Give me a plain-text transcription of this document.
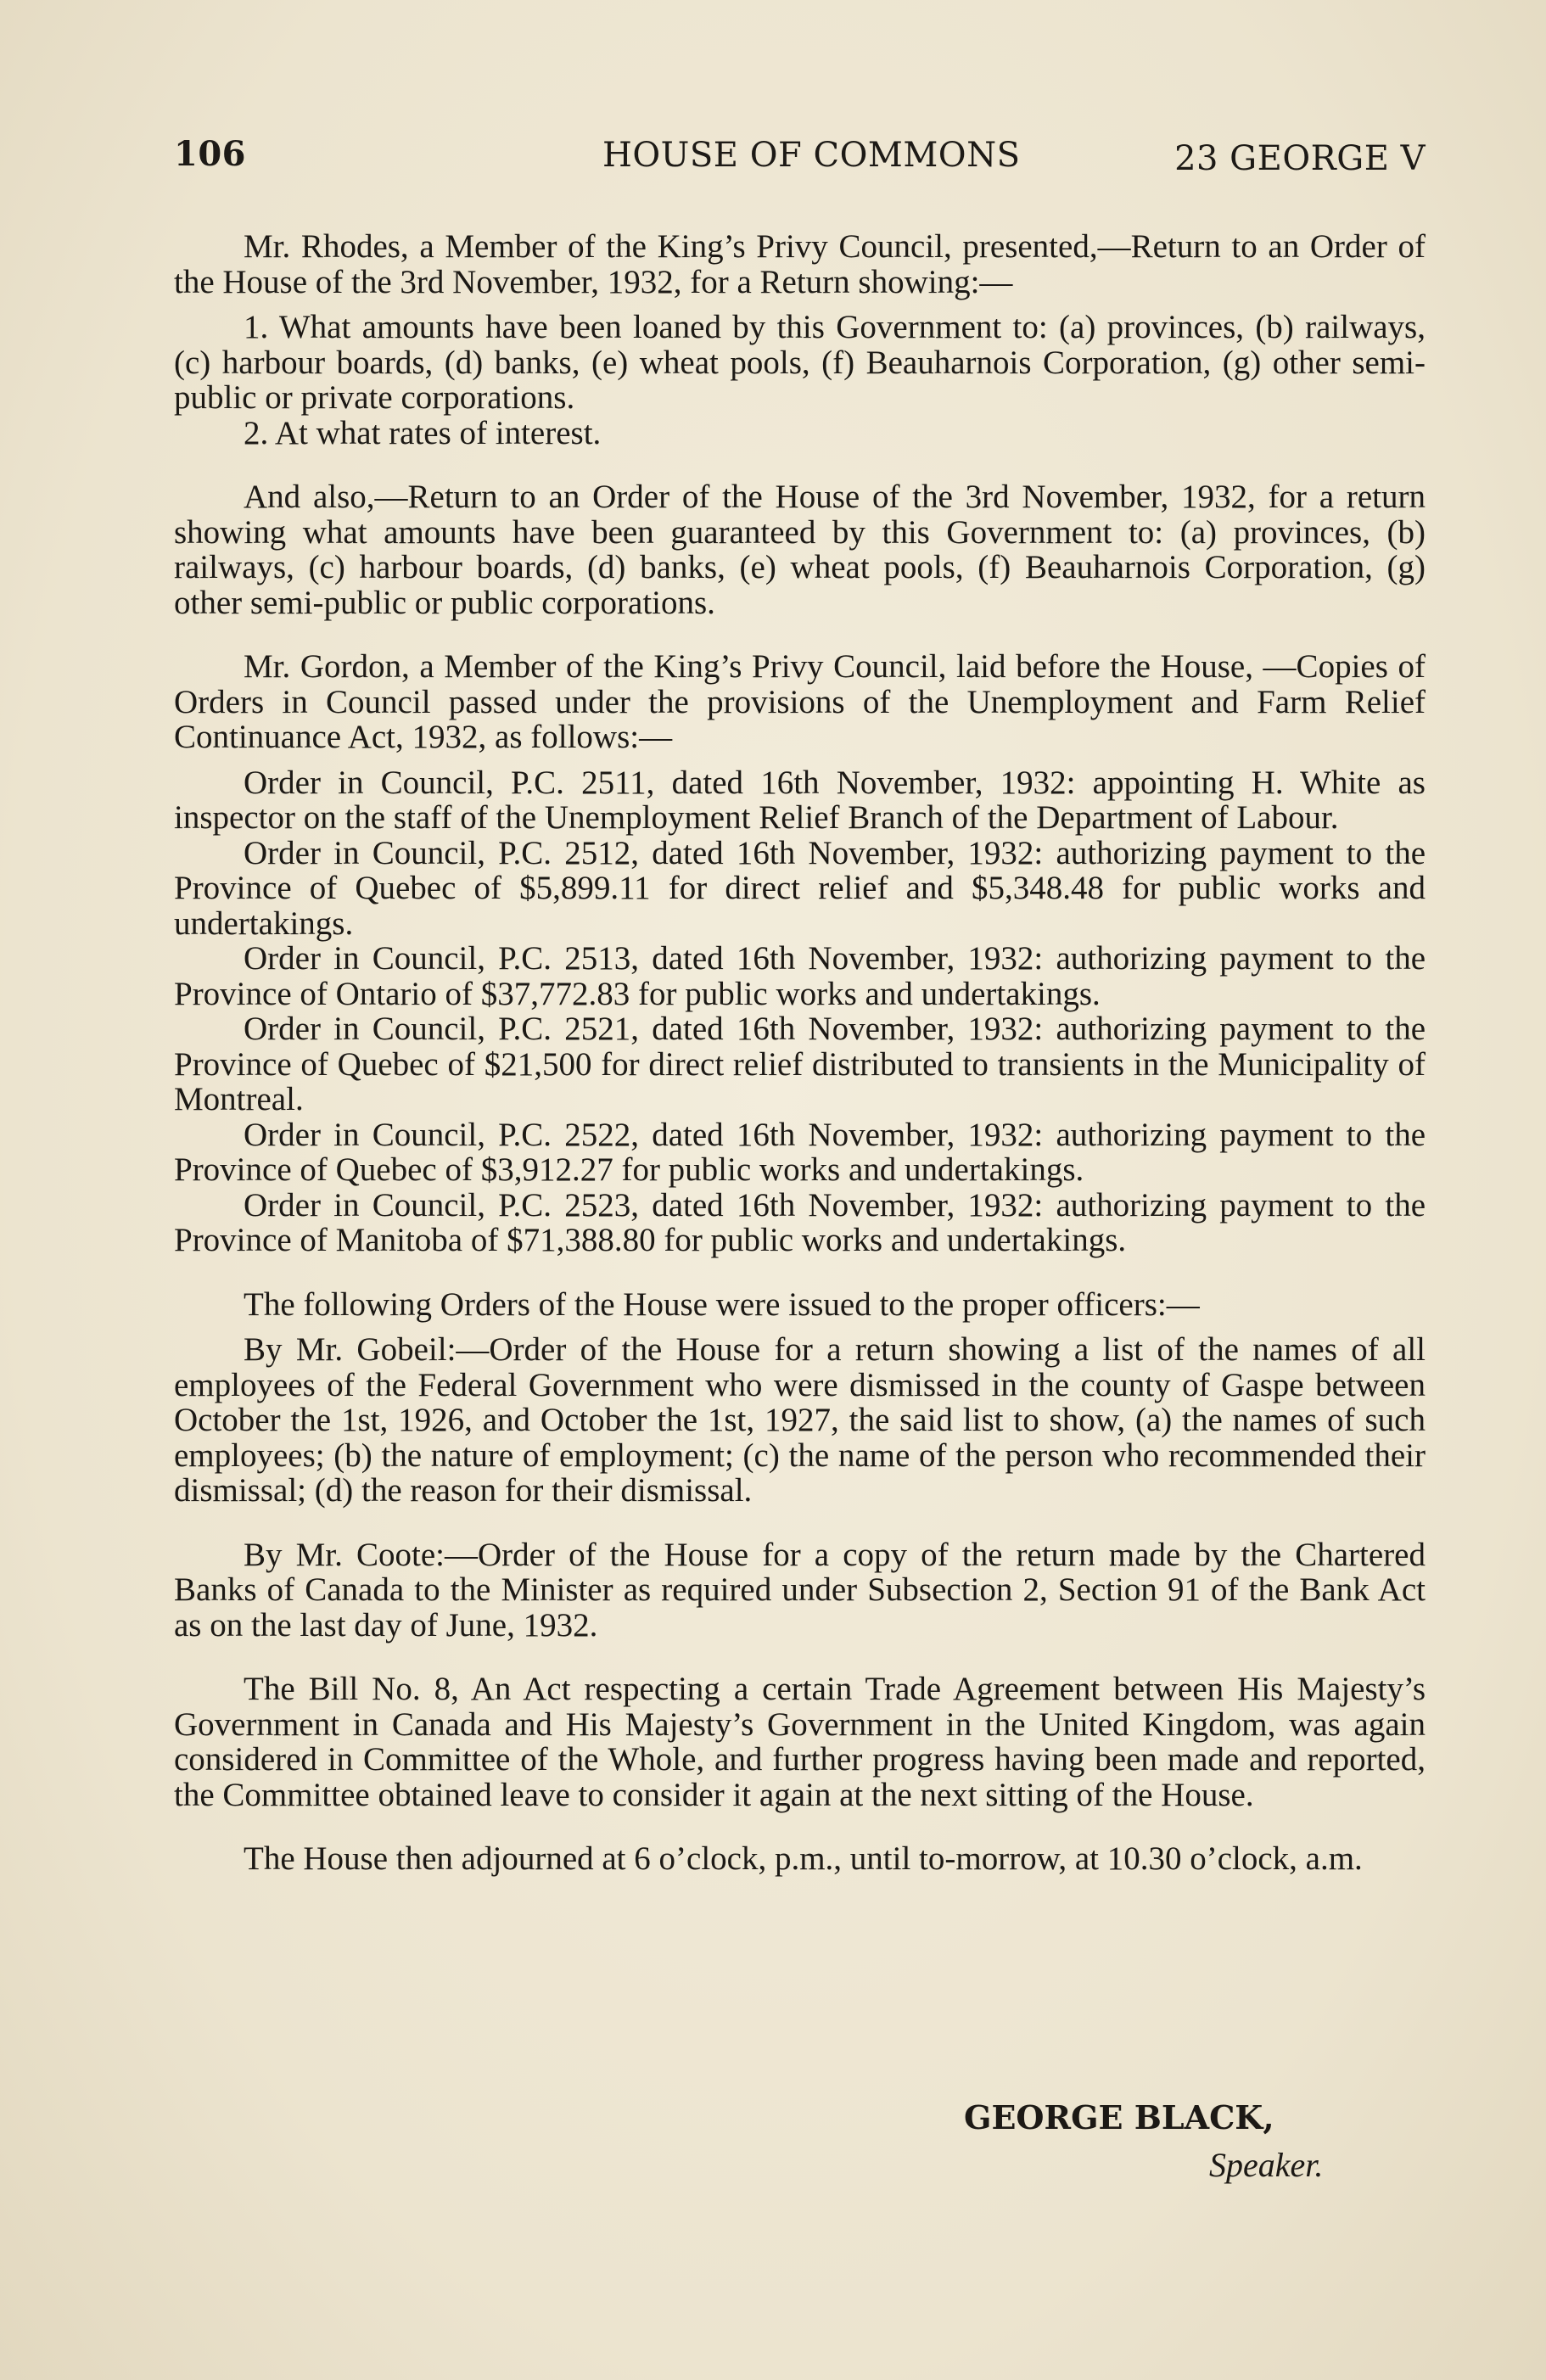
106	HOUSE OF COMMONS	23 GEORGE V

Mr. Rhodes, a Member of the King’s Privy Council, presented,—Return to an Order of the House of the 3rd November, 1932, for a Return showing:—

1. What amounts have been loaned by this Government to: (a) provinces, (b) railways, (c) harbour boards, (d) banks, (e) wheat pools, (f) Beauharnois Corporation, (g) other semi-public or private corporations.

2. At what rates of interest.

And also,—Return to an Order of the House of the 3rd November, 1932, for a return showing what amounts have been guaranteed by this Government to: (a) provinces, (b) railways, (c) harbour boards, (d) banks, (e) wheat pools, (f) Beauharnois Corporation, (g) other semi-public or public corporations.

Mr. Gordon, a Member of the King’s Privy Council, laid before the House, —Copies of Orders in Council passed under the provisions of the Unemployment and Farm Relief Continuance Act, 1932, as follows:—

Order in Council, P.C. 2511, dated 16th November, 1932: appointing H. White as inspector on the staff of the Unemployment Relief Branch of the Department of Labour.

Order in Council, P.C. 2512, dated 16th November, 1932: authorizing payment to the Province of Quebec of $5,899.11 for direct relief and $5,348.48 for public works and undertakings.

Order in Council, P.C. 2513, dated 16th November, 1932: authorizing payment to the Province of Ontario of $37,772.83 for public works and undertakings.

Order in Council, P.C. 2521, dated 16th November, 1932: authorizing payment to the Province of Quebec of $21,500 for direct relief distributed to transients in the Municipality of Montreal.

Order in Council, P.C. 2522, dated 16th November, 1932: authorizing payment to the Province of Quebec of $3,912.27 for public works and undertakings.

Order in Council, P.C. 2523, dated 16th November, 1932: authorizing payment to the Province of Manitoba of $71,388.80 for public works and undertakings.

The following Orders of the House were issued to the proper officers:—

By Mr. Gobeil:—Order of the House for a return showing a list of the names of all employees of the Federal Government who were dismissed in the county of Gaspe between October the 1st, 1926, and October the 1st, 1927, the said list to show, (a) the names of such employees; (b) the nature of employment; (c) the name of the person who recommended their dismissal; (d) the reason for their dismissal.

By Mr. Coote:—Order of the House for a copy of the return made by the Chartered Banks of Canada to the Minister as required under Subsection 2, Section 91 of the Bank Act as on the last day of June, 1932.

The Bill No. 8, An Act respecting a certain Trade Agreement between His Majesty’s Government in Canada and His Majesty’s Government in the United Kingdom, was again considered in Committee of the Whole, and further progress having been made and reported, the Committee obtained leave to consider it again at the next sitting of the House.

The House then adjourned at 6 o’clock, p.m., until to-morrow, at 10.30 o’clock, a.m.

GEORGE BLACK,
Speaker.
